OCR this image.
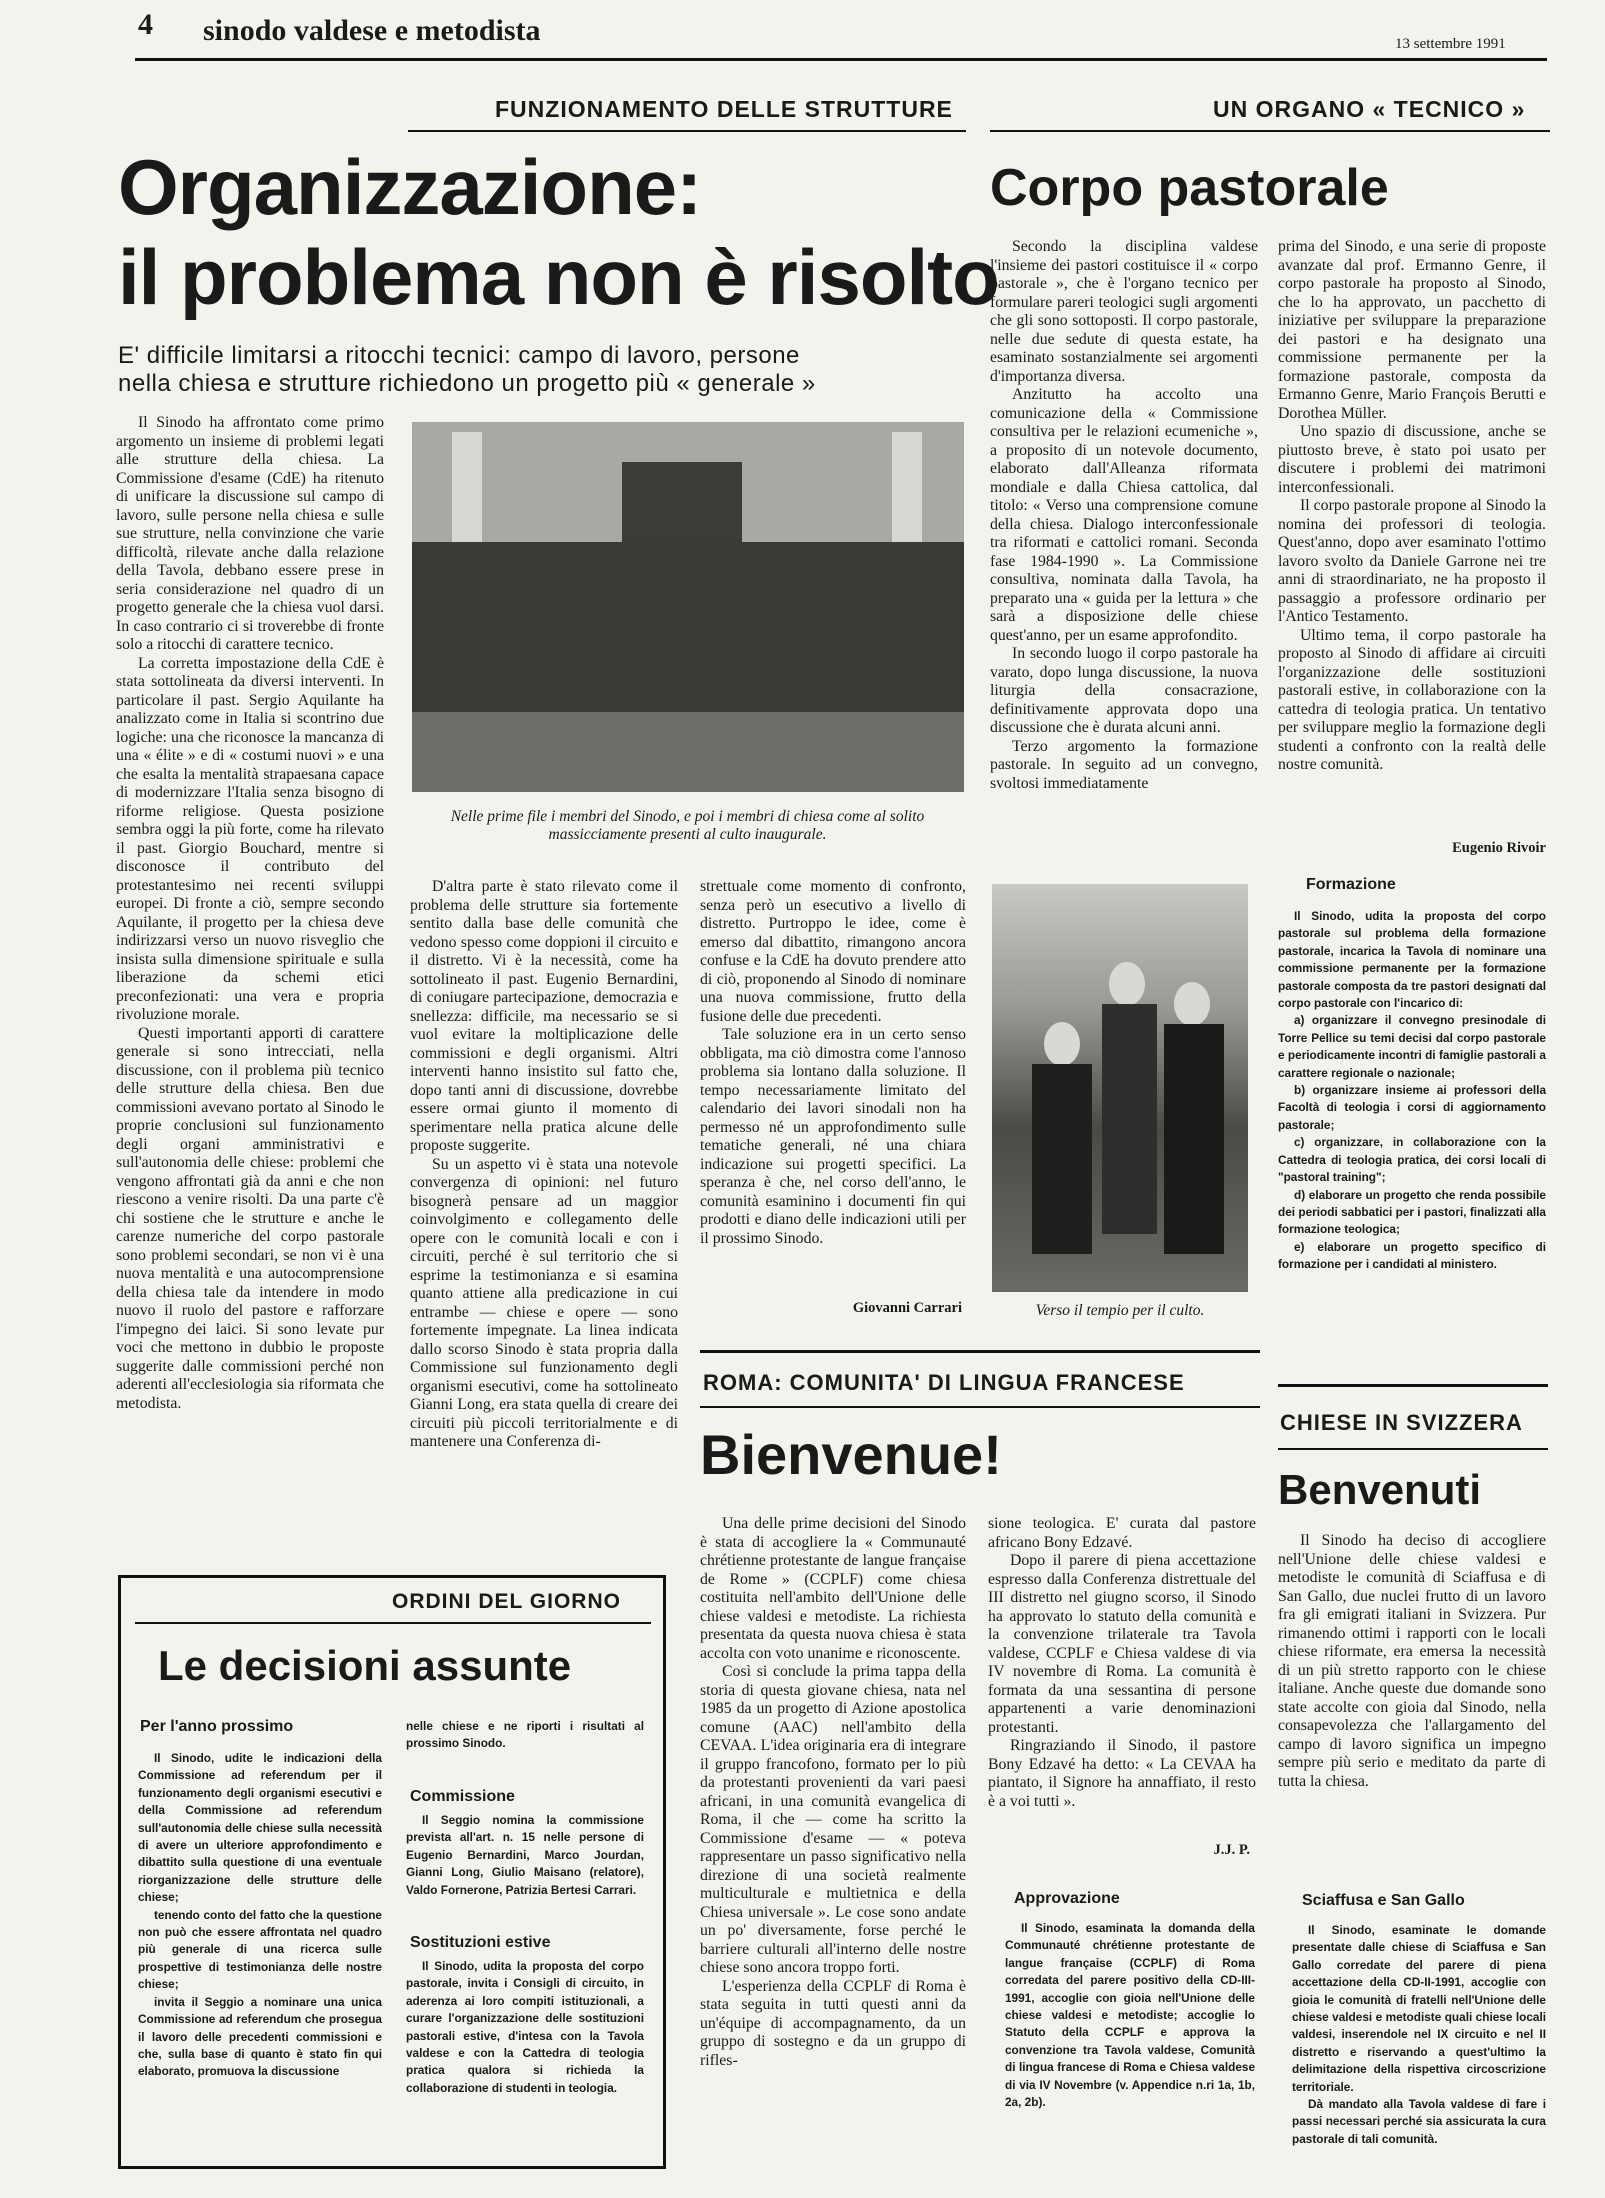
4 sinodo valdese e metodista	13 settembre 1991
FUNZIONAMENTO DELLE STRUTTURE
Organizzazione:
il problema non è risolto
E' difficile limitarsi a ritocchi tecnici: campo di lavoro, persone
nella chiesa e strutture richiedono un progetto più « generale »

Il Sinodo ha affrontato come primo argomento un insieme di problemi legati alle strutture della chiesa. La Commissione d'esame (CdE) ha ritenuto di unificare la discussione sul campo di lavoro, sulle persone nella chiesa e sulle sue strutture, nella convinzione che varie difficoltà, rilevate anche dalla relazione della Tavola, debbano essere prese in seria considerazione nel quadro di un progetto generale che la chiesa vuol darsi. In caso contrario ci si troverebbe di fronte solo a ritocchi di carattere tecnico.

La corretta impostazione della CdE è stata sottolineata da diversi interventi. In particolare il past. Sergio Aquilante ha analizzato come in Italia si scontrino due logiche: una che riconosce la mancanza di una « élite » e di « costumi nuovi » e una che esalta la mentalità strapaesana capace di modernizzare l'Italia senza bisogno di riforme religiose. Questa posizione sembra oggi la più forte, come ha rilevato il past. Giorgio Bouchard, mentre si disconosce il contributo del protestantesimo nei recenti sviluppi europei. Di fronte a ciò, sempre secondo Aquilante, il progetto per la chiesa deve indirizzarsi verso un nuovo risveglio che insista sulla dimensione spirituale e sulla liberazione da schemi etici preconfezionati: una vera e propria rivoluzione morale.

Questi importanti apporti di carattere generale si sono intrecciati, nella discussione, con il problema più tecnico delle strutture della chiesa. Ben due commissioni avevano portato al Sinodo le proprie conclusioni sul funzionamento degli organi amministrativi e sull'autonomia delle chiese: problemi che vengono affrontati già da anni e che non riescono a venire risolti. Da una parte c'è chi sostiene che le strutture e anche le carenze numeriche del corpo pastorale sono problemi secondari, se non vi è una nuova mentalità e una autocomprensione della chiesa tale da intendere in modo nuovo il ruolo del pastore e rafforzare l'impegno dei laici. Si sono levate pur voci che mettono in dubbio le proposte suggerite dalle commissioni perché non aderenti all'ecclesiologia sia riformata che metodista.

Nelle prime file i membri del Sinodo, e poi i membri di chiesa come al solito massicciamente presenti al culto inaugurale.

D'altra parte è stato rilevato come il problema delle strutture sia fortemente sentito dalla base delle comunità che vedono spesso come doppioni il circuito e il distretto. Vi è la necessità, come ha sottolineato il past. Eugenio Bernardini, di coniugare partecipazione, democrazia e snellezza: difficile, ma necessario se si vuol evitare la moltiplicazione delle commissioni e degli organismi. Altri interventi hanno insistito sul fatto che, dopo tanti anni di discussione, dovrebbe essere ormai giunto il momento di sperimentare nella pratica alcune delle proposte suggerite.

Su un aspetto vi è stata una notevole convergenza di opinioni: nel futuro bisognerà pensare ad un maggior coinvolgimento e collegamento delle opere con le comunità locali e con i circuiti, perché è sul territorio che si esprime la testimonianza e si esamina quanto attiene alla predicazione in cui entrambe — chiese e opere — sono fortemente impegnate. La linea indicata dallo scorso Sinodo è stata propria dalla Commissione sul funzionamento degli organismi esecutivi, come ha sottolineato Gianni Long, era stata quella di creare dei circuiti più piccoli territorialmente e di mantenere una Conferenza di-

strettuale come momento di confronto, senza però un esecutivo a livello di distretto. Purtroppo le idee, come è emerso dal dibattito, rimangono ancora confuse e la CdE ha dovuto prendere atto di ciò, proponendo al Sinodo di nominare una nuova commissione, frutto della fusione delle due precedenti.

Tale soluzione era in un certo senso obbligata, ma ciò dimostra come l'annoso problema sia lontano dalla soluzione. Il tempo necessariamente limitato del calendario dei lavori sinodali non ha permesso né un approfondimento sulle tematiche generali, né una chiara indicazione sui progetti specifici. La speranza è che, nel corso dell'anno, le comunità esaminino i documenti fin qui prodotti e diano delle indicazioni utili per il prossimo Sinodo.

Giovanni Carrari
UN ORGANO « TECNICO »
Corpo pastorale

Secondo la disciplina valdese l'insieme dei pastori costituisce il « corpo pastorale », che è l'organo tecnico per formulare pareri teologici sugli argomenti che gli sono sottoposti. Il corpo pastorale, nelle due sedute di questa estate, ha esaminato sostanzialmente sei argomenti d'importanza diversa.

Anzitutto ha accolto una comunicazione della « Commissione consultiva per le relazioni ecumeniche », a proposito di un notevole documento, elaborato dall'Alleanza riformata mondiale e dalla Chiesa cattolica, dal titolo: « Verso una comprensione comune della chiesa. Dialogo interconfessionale tra riformati e cattolici romani. Seconda fase 1984-1990 ». La Commissione consultiva, nominata dalla Tavola, ha preparato una « guida per la lettura » che sarà a disposizione delle chiese quest'anno, per un esame approfondito.

In secondo luogo il corpo pastorale ha varato, dopo lunga discussione, la nuova liturgia della consacrazione, definitivamente approvata dopo una discussione che è durata alcuni anni.

Terzo argomento la formazione pastorale. In seguito ad un convegno, svoltosi immediatamente

prima del Sinodo, e una serie di proposte avanzate dal prof. Ermanno Genre, il corpo pastorale ha proposto al Sinodo, che lo ha approvato, un pacchetto di iniziative per sviluppare la preparazione dei pastori e ha designato una commissione permanente per la formazione pastorale, composta da Ermanno Genre, Mario François Berutti e Dorothea Müller.

Uno spazio di discussione, anche se piuttosto breve, è stato poi usato per discutere i problemi dei matrimoni interconfessionali.

Il corpo pastorale propone al Sinodo la nomina dei professori di teologia. Quest'anno, dopo aver esaminato l'ottimo lavoro svolto da Daniele Garrone nei tre anni di straordinariato, ne ha proposto il passaggio a professore ordinario per l'Antico Testamento.

Ultimo tema, il corpo pastorale ha proposto al Sinodo di affidare ai circuiti l'organizzazione delle sostituzioni pastorali estive, in collaborazione con la cattedra di teologia pratica. Un tentativo per sviluppare meglio la formazione degli studenti a confronto con la realtà delle nostre comunità.

Eugenio Rivoir
Verso il tempio per il culto.
Formazione

Il Sinodo, udita la proposta del corpo pastorale sul problema della formazione pastorale, incarica la Tavola di nominare una commissione permanente per la formazione pastorale composta da tre pastori designati dal corpo pastorale con l'incarico di:

a) organizzare il convegno presinodale di Torre Pellice su temi decisi dal corpo pastorale e periodicamente incontri di famiglie pastorali a carattere regionale o nazionale;

b) organizzare insieme ai professori della Facoltà di teologia i corsi di aggiornamento pastorale;

c) organizzare, in collaborazione con la Cattedra di teologia pratica, dei corsi locali di "pastoral training";

d) elaborare un progetto che renda possibile dei periodi sabbatici per i pastori, finalizzati alla formazione teologica;

e) elaborare un progetto specifico di formazione per i candidati al ministero.

ROMA: COMUNITA' DI LINGUA FRANCESE
Bienvenue!

Una delle prime decisioni del Sinodo è stata di accogliere la « Communauté chrétienne protestante de langue française de Rome » (CCPLF) come chiesa costituita nell'ambito dell'Unione delle chiese valdesi e metodiste. La richiesta presentata da questa nuova chiesa è stata accolta con voto unanime e riconoscente.

Così si conclude la prima tappa della storia di questa giovane chiesa, nata nel 1985 da un progetto di Azione apostolica comune (AAC) nell'ambito della CEVAA. L'idea originaria era di integrare il gruppo francofono, formato per lo più da protestanti provenienti da vari paesi africani, in una comunità evangelica di Roma, il che — come ha scritto la Commissione d'esame — « poteva rappresentare un passo significativo nella direzione di una società realmente multiculturale e multietnica e della Chiesa universale ». Le cose sono andate un po' diversamente, forse perché le barriere culturali all'interno delle nostre chiese sono ancora troppo forti.

L'esperienza della CCPLF di Roma è stata seguita in tutti questi anni da un'équipe di accompagnamento, da un gruppo di sostegno e da un gruppo di rifles-

sione teologica. E' curata dal pastore africano Bony Edzavé.

Dopo il parere di piena accettazione espresso dalla Conferenza distrettuale del III distretto nel giugno scorso, il Sinodo ha approvato lo statuto della comunità e la convenzione trilaterale tra Tavola valdese, CCPLF e Chiesa valdese di via IV novembre di Roma. La comunità è formata da una sessantina di persone appartenenti a varie denominazioni protestanti.

Ringraziando il Sinodo, il pastore Bony Edzavé ha detto: « La CEVAA ha piantato, il Signore ha annaffiato, il resto è a voi tutti ».

J.J. P.
Approvazione

Il Sinodo, esaminata la domanda della Communauté chrétienne protestante de langue française (CCPLF) di Roma corredata del parere positivo della CD-III-1991, accoglie con gioia nell'Unione delle chiese valdesi e metodiste; accoglie lo Statuto della CCPLF e approva la convenzione tra Tavola valdese, Comunità di lingua francese di Roma e Chiesa valdese di via IV Novembre (v. Appendice n.ri 1a, 1b, 2a, 2b).

CHIESE IN SVIZZERA
Benvenuti

Il Sinodo ha deciso di accogliere nell'Unione delle chiese valdesi e metodiste le comunità di Sciaffusa e di San Gallo, due nuclei frutto di un lavoro fra gli emigrati italiani in Svizzera. Pur rimanendo ottimi i rapporti con le locali chiese riformate, era emersa la necessità di un più stretto rapporto con le chiese italiane. Anche queste due domande sono state accolte con gioia dal Sinodo, nella consapevolezza che l'allargamento del campo di lavoro significa un impegno sempre più serio e meditato da parte di tutta la chiesa.

Sciaffusa e San Gallo

Il Sinodo, esaminate le domande presentate dalle chiese di Sciaffusa e San Gallo corredate del parere di piena accettazione della CD-II-1991, accoglie con gioia le comunità di fratelli nell'Unione delle chiese valdesi e metodiste quali chiese locali valdesi, inserendole nel IX circuito e nel II distretto e riservando a quest'ultimo la delimitazione della rispettiva circoscrizione territoriale.

Dà mandato alla Tavola valdese di fare i passi necessari perché sia assicurata la cura pastorale di tali comunità.

ORDINI DEL GIORNO
Le decisioni assunte
Per l'anno prossimo

Il Sinodo, udite le indicazioni della Commissione ad referendum per il funzionamento degli organismi esecutivi e della Commissione ad referendum sull'autonomia delle chiese sulla necessità di avere un ulteriore approfondimento e dibattito sulla questione di una eventuale riorganizzazione delle strutture delle chiese;

tenendo conto del fatto che la questione non può che essere affrontata nel quadro più generale di una ricerca sulle prospettive di testimonianza delle nostre chiese;

invita il Seggio a nominare una unica Commissione ad referendum che prosegua il lavoro delle precedenti commissioni e che, sulla base di quanto è stato fin qui elaborato, promuova la discussione

nelle chiese e ne riporti i risultati al prossimo Sinodo.

Commissione

Il Seggio nomina la commissione prevista all'art. n. 15 nelle persone di Eugenio Bernardini, Marco Jourdan, Gianni Long, Giulio Maisano (relatore), Valdo Fornerone, Patrizia Bertesi Carrari.

Sostituzioni estive

Il Sinodo, udita la proposta del corpo pastorale, invita i Consigli di circuito, in aderenza ai loro compiti istituzionali, a curare l'organizzazione delle sostituzioni pastorali estive, d'intesa con la Tavola valdese e con la Cattedra di teologia pratica qualora si richieda la collaborazione di studenti in teologia.
